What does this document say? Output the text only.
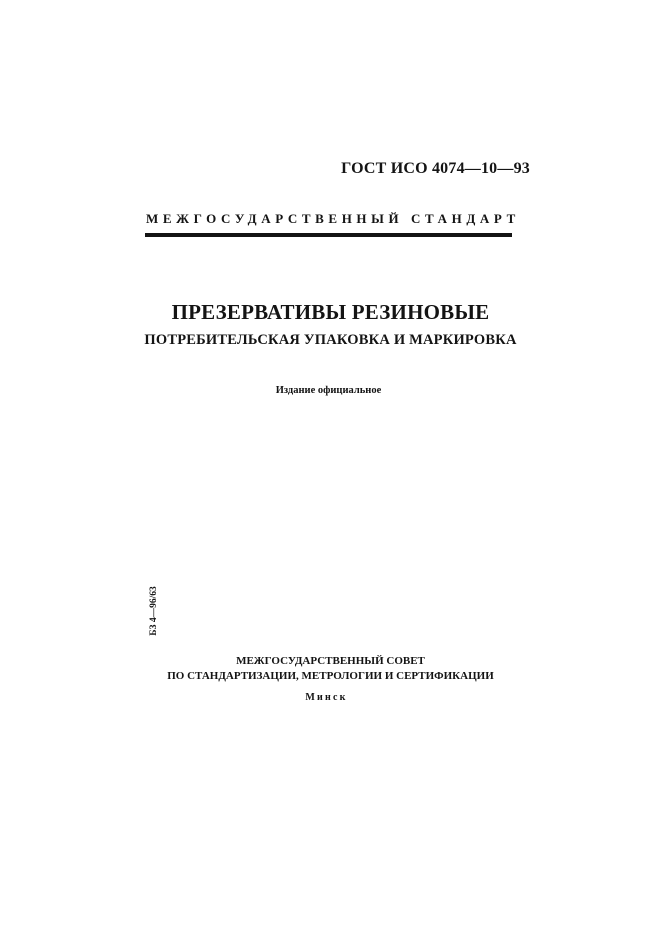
ГОСТ ИСО 4074—10—93
МЕЖГОСУДАРСТВЕННЫЙ СТАНДАРТ
ПРЕЗЕРВАТИВЫ РЕЗИНОВЫЕ
ПОТРЕБИТЕЛЬСКАЯ УПАКОВКА И МАРКИРОВКА
Издание официальное
БЗ 4—96/63
МЕЖГОСУДАРСТВЕННЫЙ СОВЕТ
ПО СТАНДАРТИЗАЦИИ, МЕТРОЛОГИИ И СЕРТИФИКАЦИИ
Минск
